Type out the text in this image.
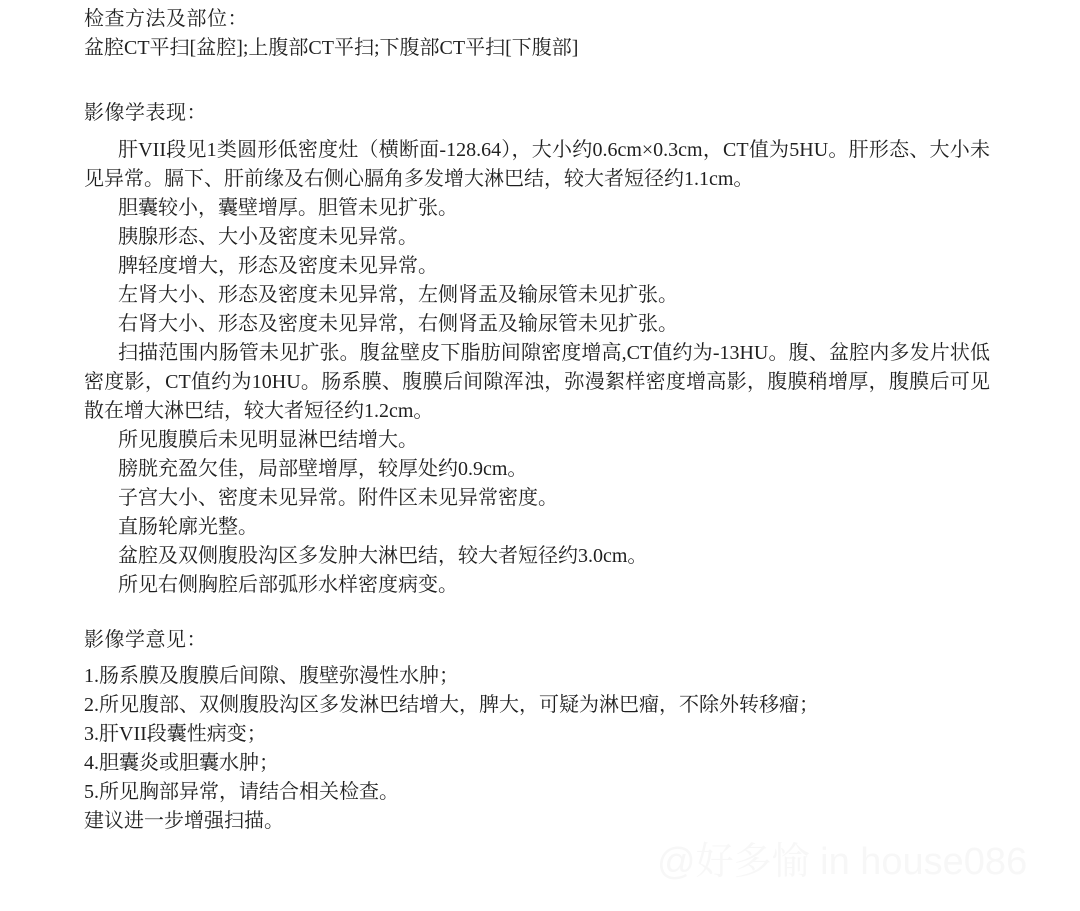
检查方法及部位：

盆腔CT平扫[盆腔];上腹部CT平扫;下腹部CT平扫[下腹部]

影像学表现：

肝VII段见1类圆形低密度灶（横断面-128.64），大小约0.6cm×0.3cm，CT值为5HU。肝形态、大小未见异常。膈下、肝前缘及右侧心膈角多发增大淋巴结，较大者短径约1.1cm。

胆囊较小，囊壁增厚。胆管未见扩张。

胰腺形态、大小及密度未见异常。

脾轻度增大，形态及密度未见异常。

左肾大小、形态及密度未见异常，左侧肾盂及输尿管未见扩张。

右肾大小、形态及密度未见异常，右侧肾盂及输尿管未见扩张。

扫描范围内肠管未见扩张。腹盆壁皮下脂肪间隙密度增高,CT值约为-13HU。腹、盆腔内多发片状低密度影，CT值约为10HU。肠系膜、腹膜后间隙浑浊，弥漫絮样密度增高影，腹膜稍增厚，腹膜后可见散在增大淋巴结，较大者短径约1.2cm。

所见腹膜后未见明显淋巴结增大。

膀胱充盈欠佳，局部壁增厚，较厚处约0.9cm。

子宫大小、密度未见异常。附件区未见异常密度。

直肠轮廓光整。

盆腔及双侧腹股沟区多发肿大淋巴结，较大者短径约3.0cm。

所见右侧胸腔后部弧形水样密度病变。

影像学意见：

1.肠系膜及腹膜后间隙、腹壁弥漫性水肿；

2.所见腹部、双侧腹股沟区多发淋巴结增大，脾大，可疑为淋巴瘤，不除外转移瘤；

3.肝VII段囊性病变；

4.胆囊炎或胆囊水肿；

5.所见胸部异常，请结合相关检查。

建议进一步增强扫描。

@好多愉 in house086
